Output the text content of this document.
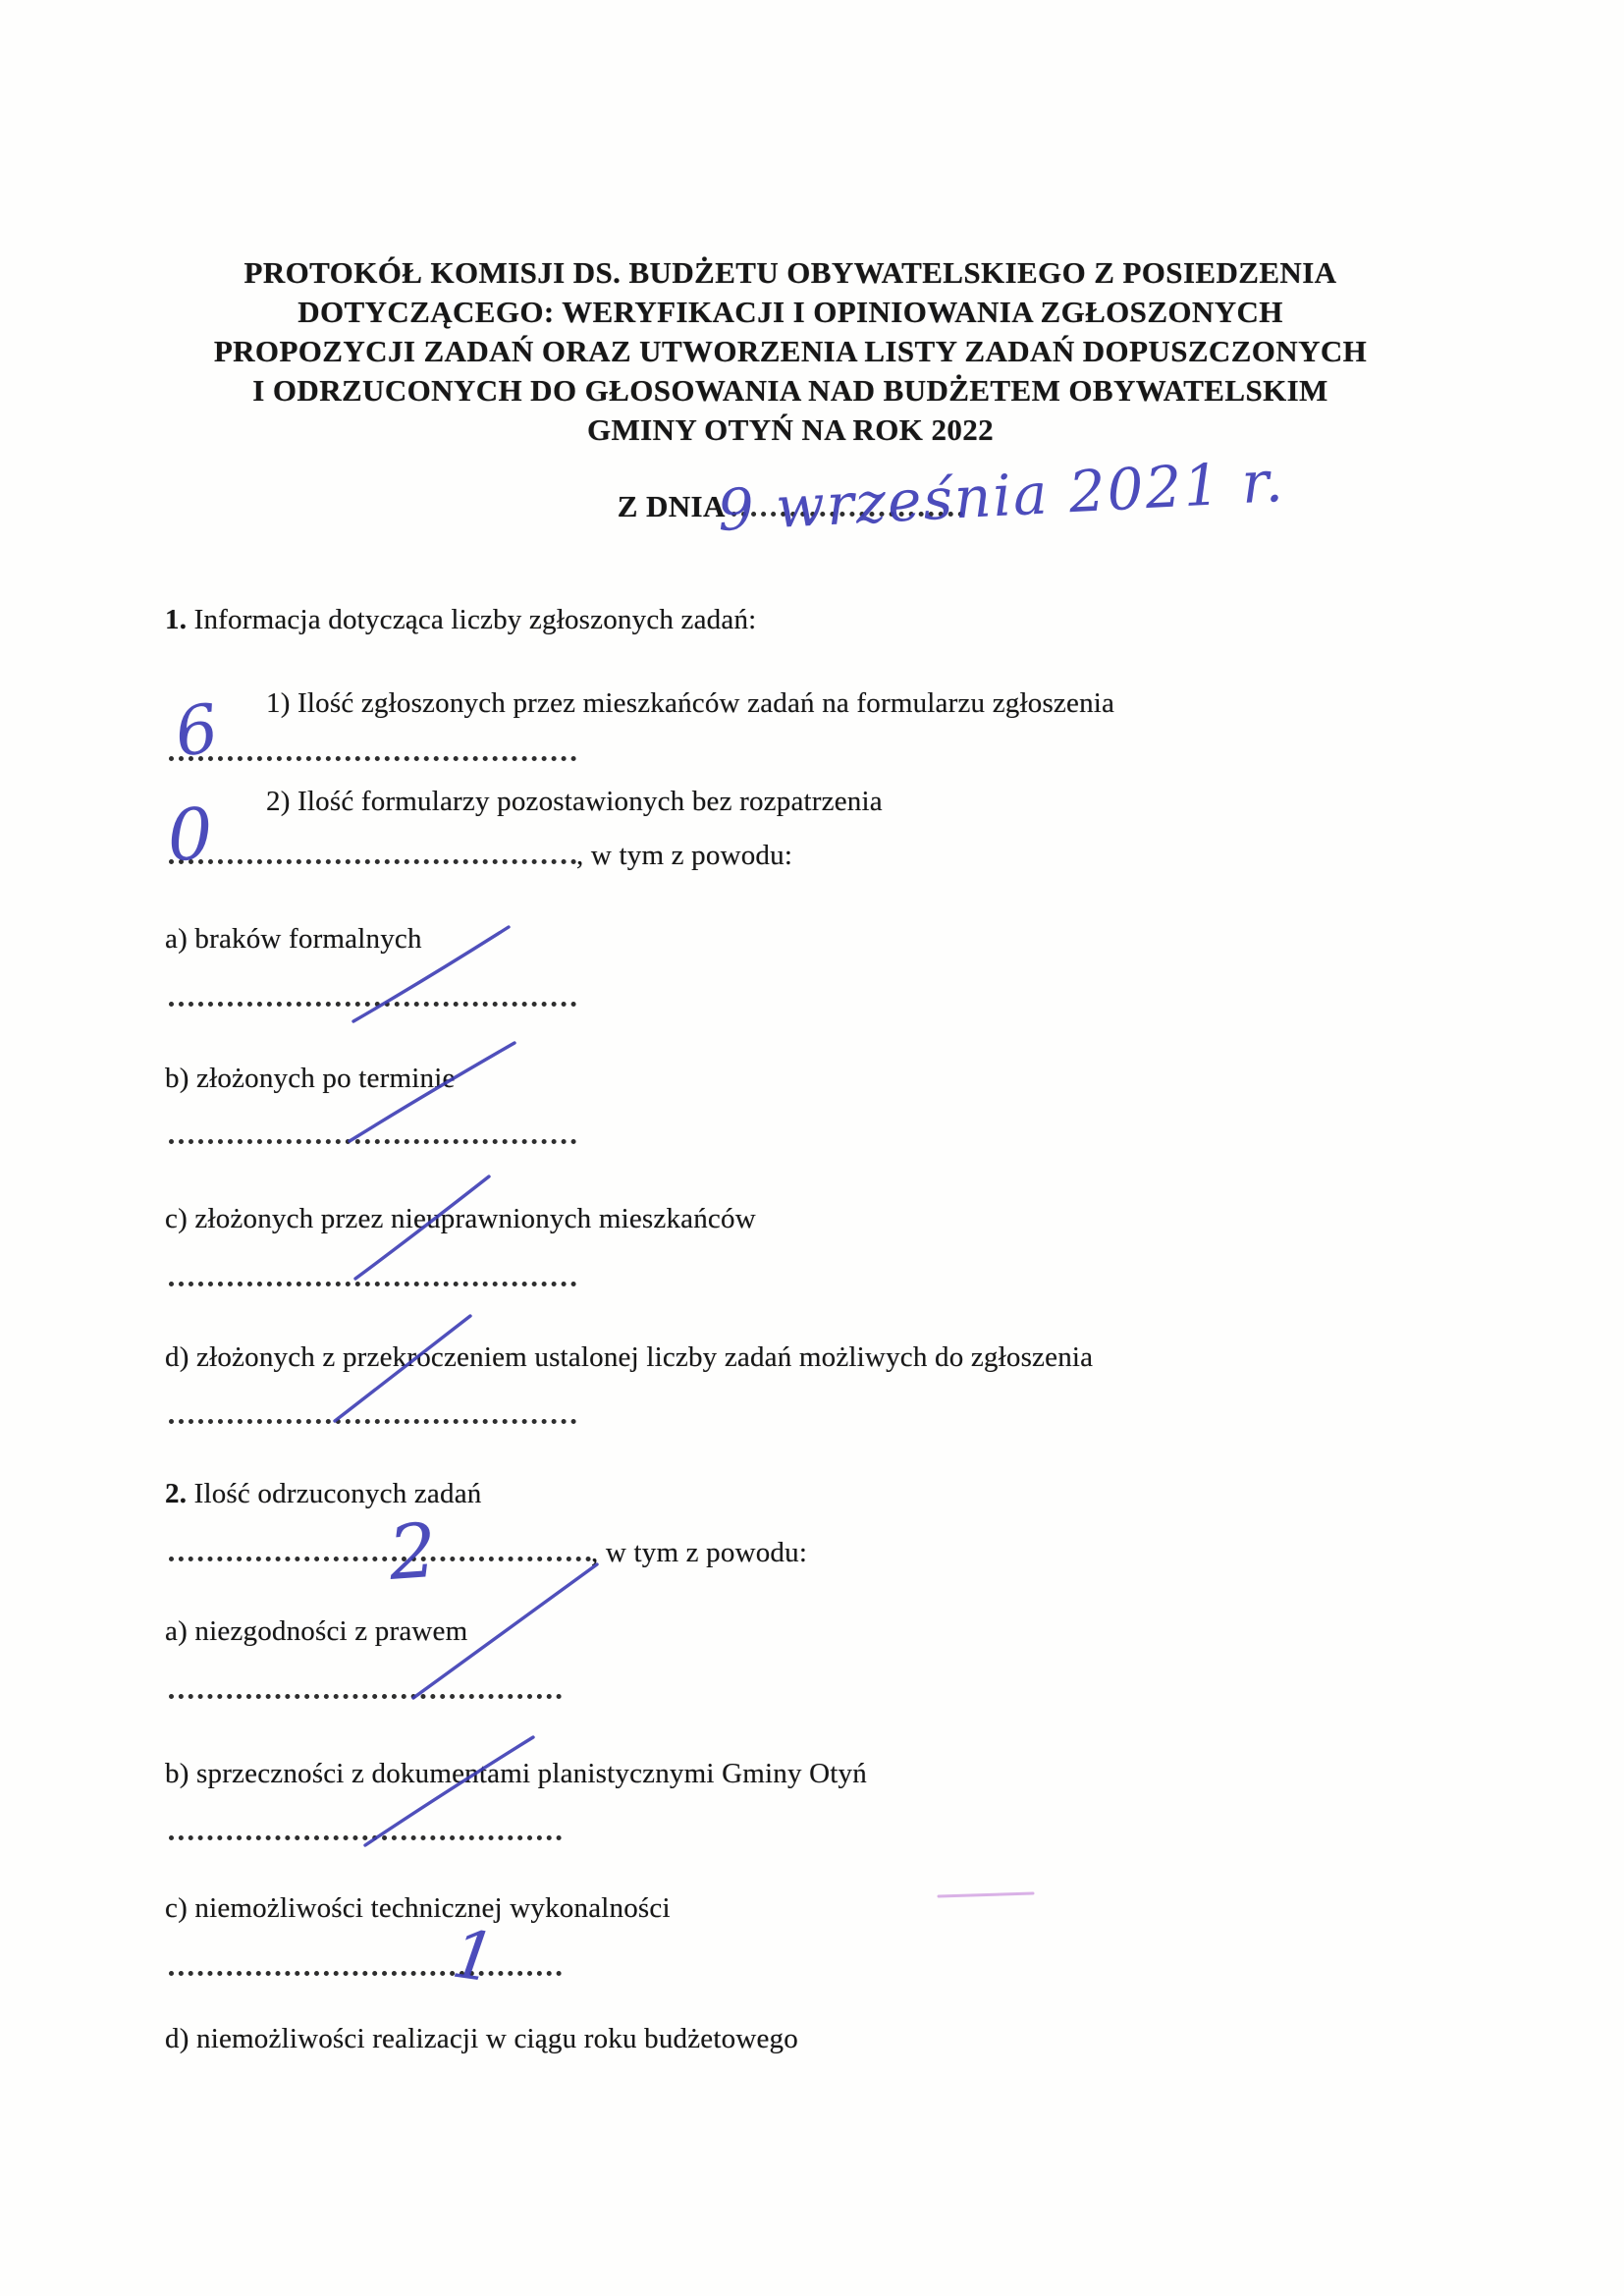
PROTOKÓŁ KOMISJI DS. BUDŻETU OBYWATELSKIEGO Z POSIEDZENIA
DOTYCZĄCEGO: WERYFIKACJI I OPINIOWANIA ZGŁOSZONYCH
PROPOZYCJI ZADAŃ ORAZ UTWORZENIA LISTY ZADAŃ DOPUSZCZONYCH
I ODRZUCONYCH DO GŁOSOWANIA NAD BUDŻETEM OBYWATELSKIM
GMINY OTYŃ NA ROK 2022
Z DNIA
1. Informacja dotycząca liczby zgłoszonych zadań:
1) Ilość zgłoszonych przez mieszkańców zadań na formularzu zgłoszenia
2) Ilość formularzy pozostawionych bez rozpatrzenia
, w tym z powodu:
a) braków formalnych
b) złożonych po terminie
c) złożonych przez nieuprawnionych mieszkańców
d) złożonych z przekroczeniem ustalonej liczby zadań możliwych do zgłoszenia
2. Ilość odrzuconych zadań
, w tym z powodu:
a) niezgodności z prawem
b) sprzeczności z dokumentami planistycznymi Gminy Otyń
c) niemożliwości technicznej wykonalności
d) niemożliwości realizacji w ciągu roku budżetowego
9 września 2021 r.
6
0
2
1
